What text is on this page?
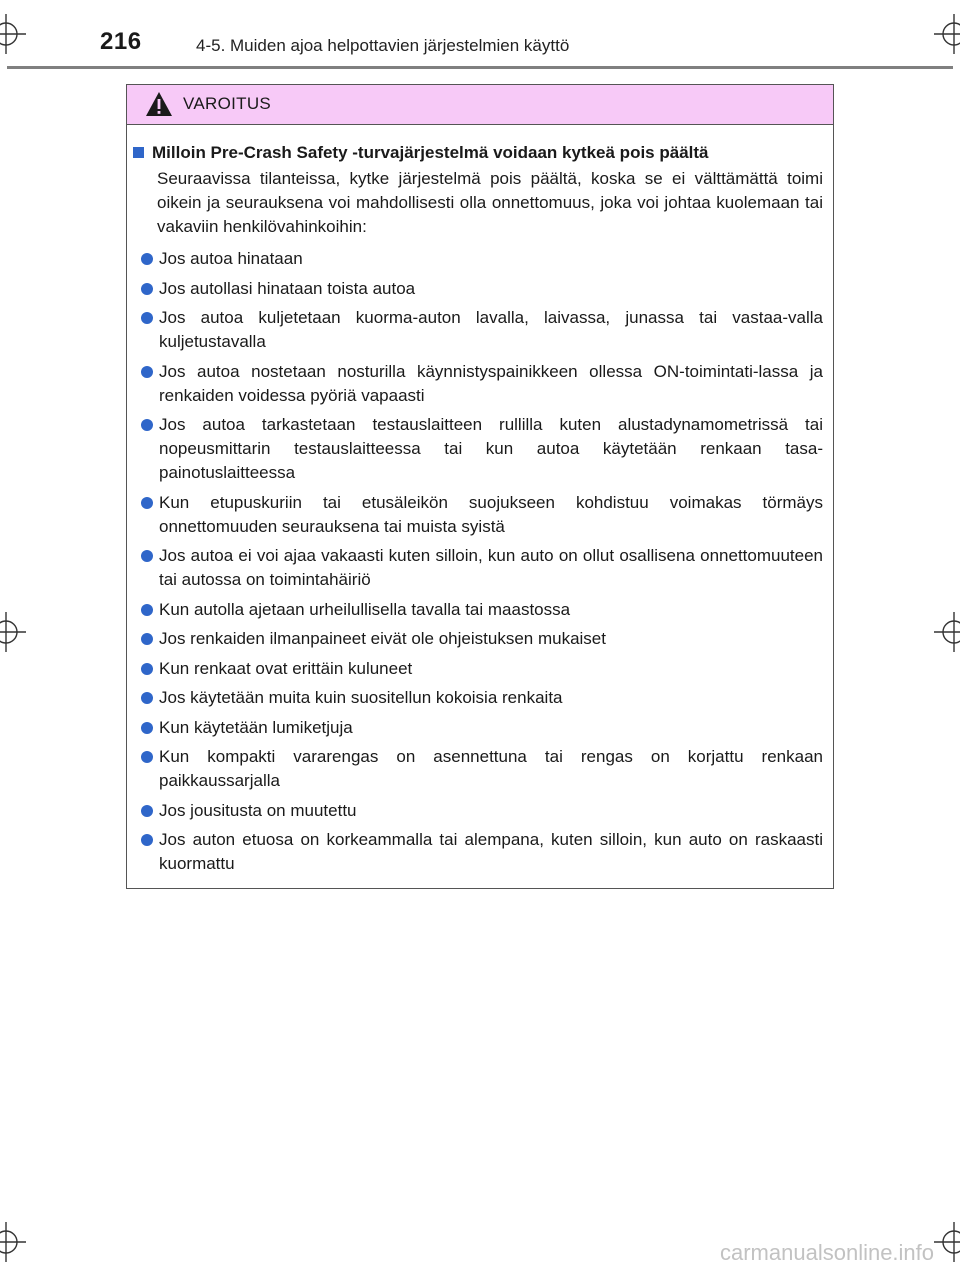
216	4-5. Muiden ajoa helpottavien järjestelmien käyttö
VAROITUS
Milloin Pre-Crash Safety -turvajärjestelmä voidaan kytkeä pois päältä
Seuraavissa tilanteissa, kytke järjestelmä pois päältä, koska se ei välttämättä toimi oikein ja seurauksena voi mahdollisesti olla onnettomuus, joka voi johtaa kuolemaan tai vakaviin henkilövahinkoihin:
Jos autoa hinataan
Jos autollasi hinataan toista autoa
Jos autoa kuljetetaan kuorma-auton lavalla, laivassa, junassa tai vastaa-valla kuljetustavalla
Jos autoa nostetaan nosturilla käynnistyspainikkeen ollessa ON-toimintati-lassa ja renkaiden voidessa pyöriä vapaasti
Jos autoa tarkastetaan testauslaitteen rullilla kuten alustadynamometrissä tai nopeusmittarin testauslaitteessa tai kun autoa käytetään renkaan tasa-painotuslaitteessa
Kun etupuskuriin tai etusäleikön suojukseen kohdistuu voimakas törmäys onnettomuuden seurauksena tai muista syistä
Jos autoa ei voi ajaa vakaasti kuten silloin, kun auto on ollut osallisena onnettomuuteen tai autossa on toimintahäiriö
Kun autolla ajetaan urheilullisella tavalla tai maastossa
Jos renkaiden ilmanpaineet eivät ole ohjeistuksen mukaiset
Kun renkaat ovat erittäin kuluneet
Jos käytetään muita kuin suositellun kokoisia renkaita
Kun käytetään lumiketjuja
Kun kompakti vararengas on asennettuna tai rengas on korjattu renkaan paikkaussarjalla
Jos jousitusta on muutettu
Jos auton etuosa on korkeammalla tai alempana, kuten silloin, kun auto on raskaasti kuormattu
carmanualsonline.info
